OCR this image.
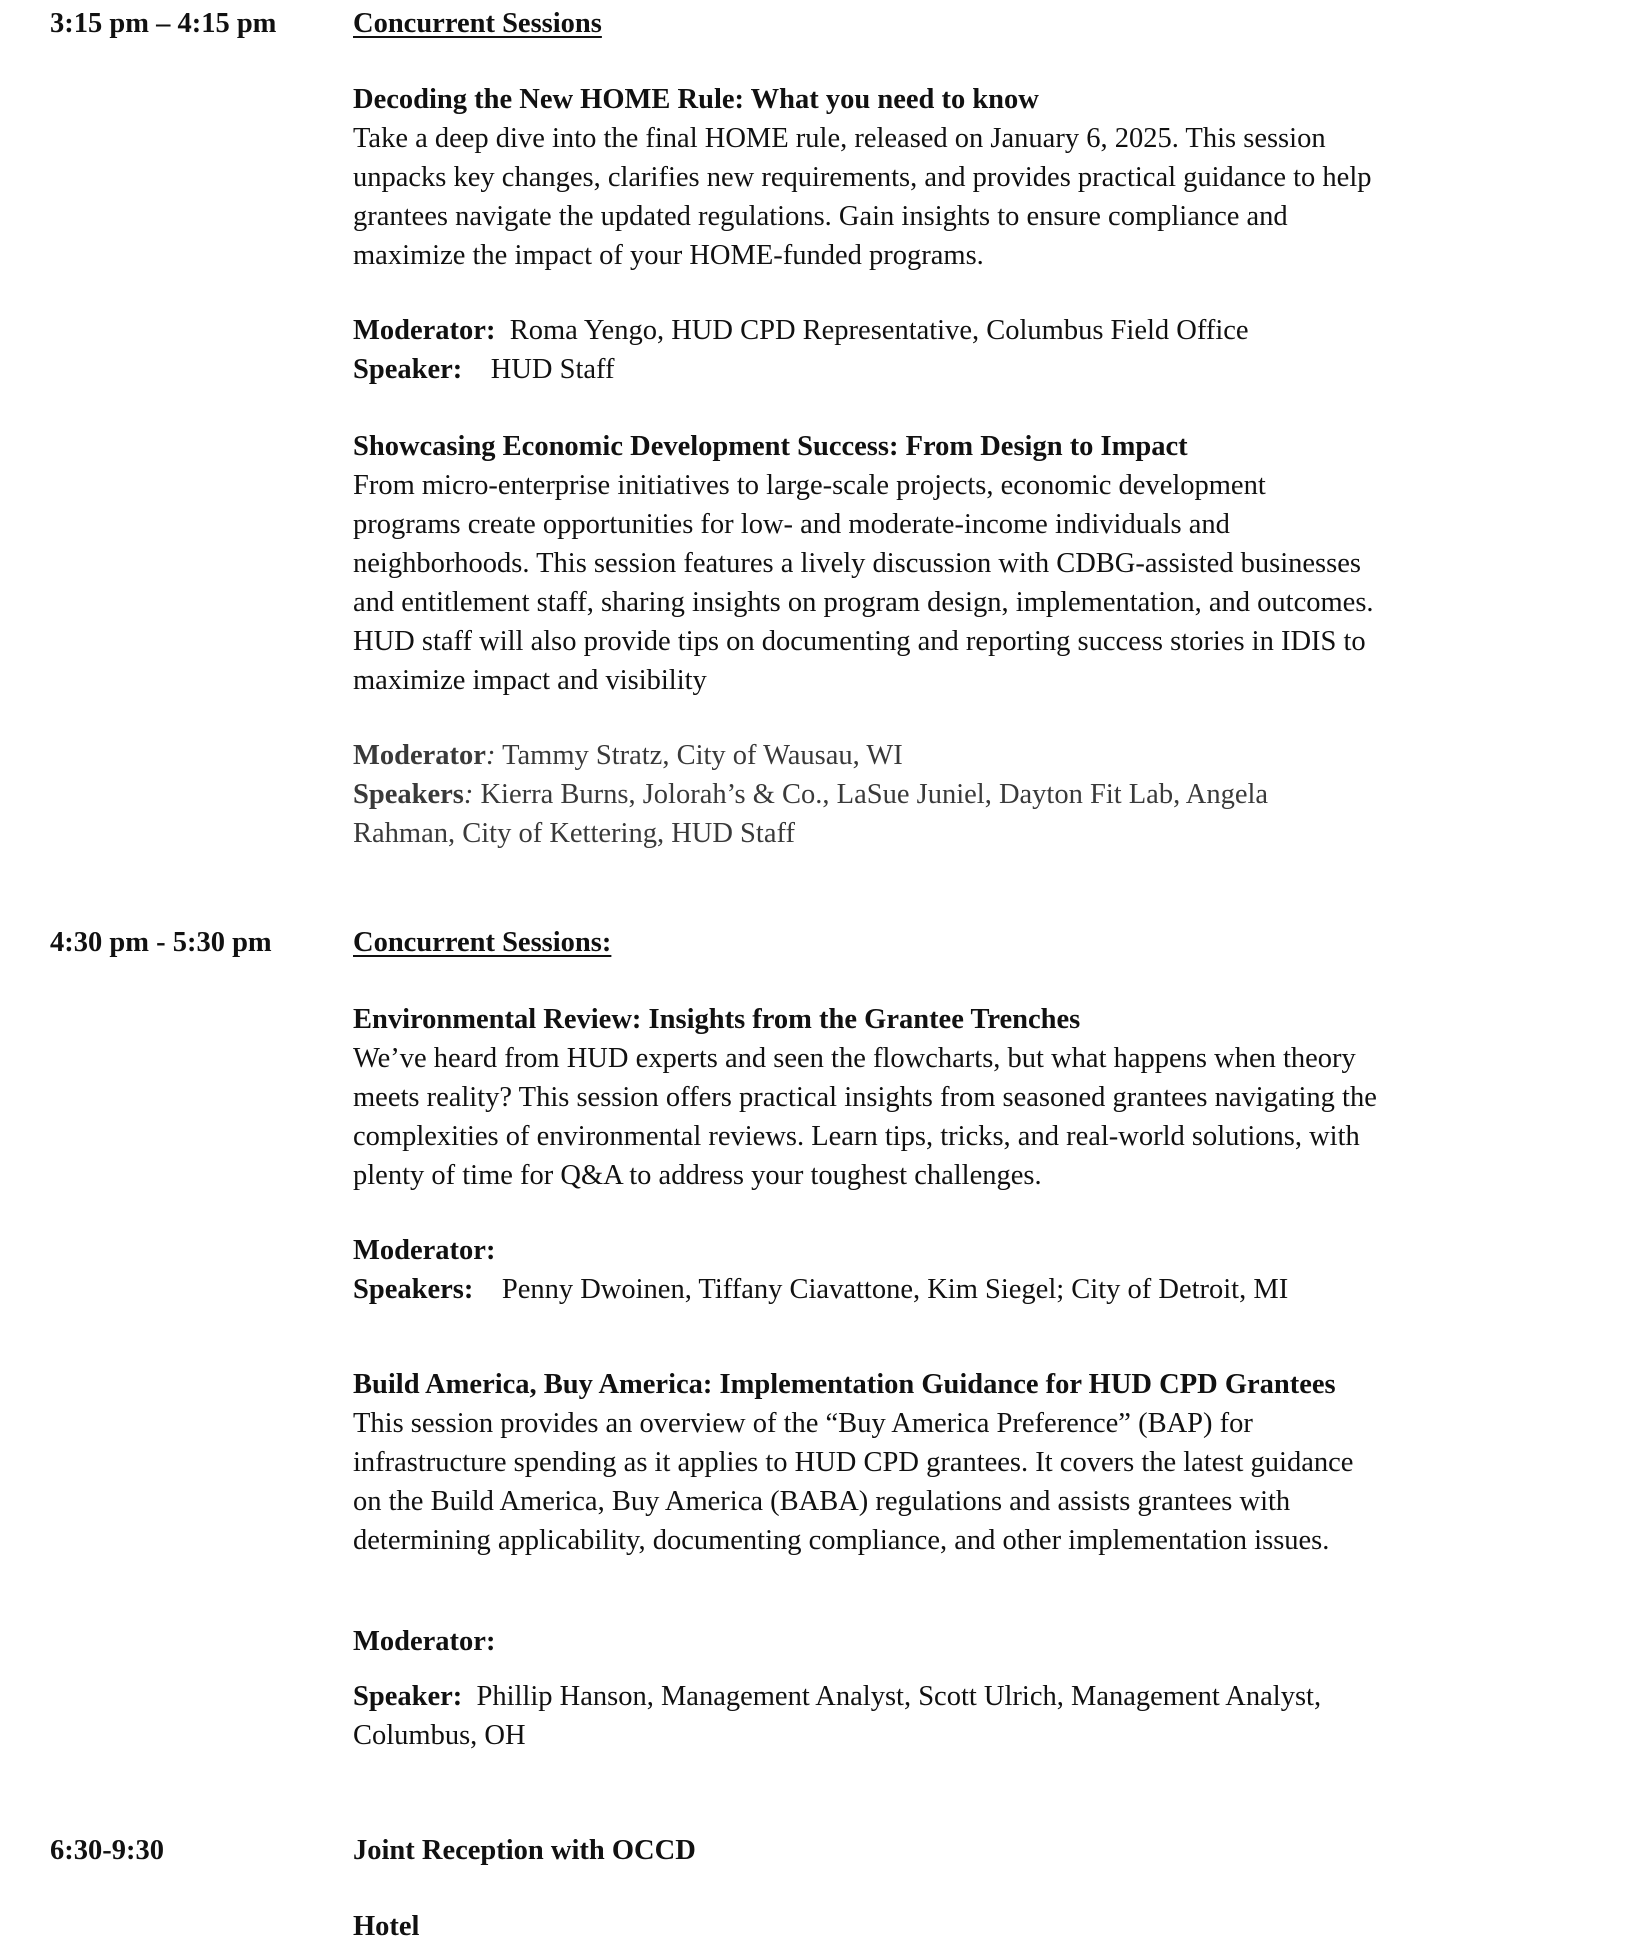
3:15 pm – 4:15 pm	Concurrent Sessions
Decoding the New HOME Rule: What you need to know
Take a deep dive into the final HOME rule, released on January 6, 2025. This session
unpacks key changes, clarifies new requirements, and provides practical guidance to help
grantees navigate the updated regulations. Gain insights to ensure compliance and
maximize the impact of your HOME-funded programs.
Moderator: Roma Yengo, HUD CPD Representative, Columbus Field Office
Speaker: HUD Staff
Showcasing Economic Development Success: From Design to Impact
From micro-enterprise initiatives to large-scale projects, economic development
programs create opportunities for low- and moderate-income individuals and
neighborhoods. This session features a lively discussion with CDBG-assisted businesses
and entitlement staff, sharing insights on program design, implementation, and outcomes.
HUD staff will also provide tips on documenting and reporting success stories in IDIS to
maximize impact and visibility
Moderator: Tammy Stratz, City of Wausau, WI
Speakers: Kierra Burns, Jolorah’s & Co., LaSue Juniel, Dayton Fit Lab, Angela
Rahman, City of Kettering, HUD Staff
4:30 pm - 5:30 pm	Concurrent Sessions:
Environmental Review: Insights from the Grantee Trenches
We’ve heard from HUD experts and seen the flowcharts, but what happens when theory
meets reality? This session offers practical insights from seasoned grantees navigating the
complexities of environmental reviews. Learn tips, tricks, and real-world solutions, with
plenty of time for Q&A to address your toughest challenges.
Moderator:
Speakers: Penny Dwoinen, Tiffany Ciavattone, Kim Siegel; City of Detroit, MI
Build America, Buy America: Implementation Guidance for HUD CPD Grantees
This session provides an overview of the “Buy America Preference” (BAP) for
infrastructure spending as it applies to HUD CPD grantees. It covers the latest guidance
on the Build America, Buy America (BABA) regulations and assists grantees with
determining applicability, documenting compliance, and other implementation issues.
Moderator:
Speaker: Phillip Hanson, Management Analyst, Scott Ulrich, Management Analyst,
Columbus, OH
6:30-9:30	Joint Reception with OCCD
Hotel
